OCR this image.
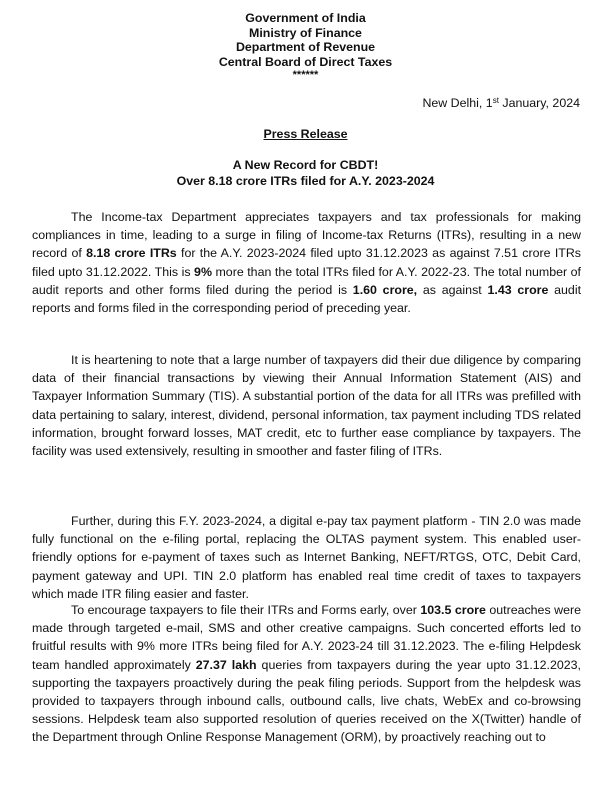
Government of India
Ministry of Finance
Department of Revenue
Central Board of Direct Taxes
******
New Delhi, 1st January, 2024
Press Release
A New Record for CBDT!
Over 8.18 crore ITRs filed for A.Y. 2023-2024

The Income-tax Department appreciates taxpayers and tax professionals for making compliances in time, leading to a surge in filing of Income-tax Returns (ITRs), resulting in a new record of 8.18 crore ITRs for the A.Y. 2023-2024 filed upto 31.12.2023 as against 7.51 crore ITRs filed upto 31.12.2022. This is 9% more than the total ITRs filed for A.Y. 2022-23. The total number of audit reports and other forms filed during the period is 1.60 crore, as against 1.43 crore audit reports and forms filed in the corresponding period of preceding year.

It is heartening to note that a large number of taxpayers did their due diligence by comparing data of their financial transactions by viewing their Annual Information Statement (AIS) and Taxpayer Information Summary (TIS). A substantial portion of the data for all ITRs was prefilled with data pertaining to salary, interest, dividend, personal information, tax payment including TDS related information, brought forward losses, MAT credit, etc to further ease compliance by taxpayers. The facility was used extensively, resulting in smoother and faster filing of ITRs.

Further, during this F.Y. 2023-2024, a digital e-pay tax payment platform - TIN 2.0 was made fully functional on the e-filing portal, replacing the OLTAS payment system. This enabled user-friendly options for e-payment of taxes such as Internet Banking, NEFT/RTGS, OTC, Debit Card, payment gateway and UPI. TIN 2.0 platform has enabled real time credit of taxes to taxpayers which made ITR filing easier and faster.

To encourage taxpayers to file their ITRs and Forms early, over 103.5 crore outreaches were made through targeted e-mail, SMS and other creative campaigns. Such concerted efforts led to fruitful results with 9% more ITRs being filed for A.Y. 2023-24 till 31.12.2023. The e-filing Helpdesk team handled approximately 27.37 lakh queries from taxpayers during the year upto 31.12.2023, supporting the taxpayers proactively during the peak filing periods. Support from the helpdesk was provided to taxpayers through inbound calls, outbound calls, live chats, WebEx and co-browsing sessions. Helpdesk team also supported resolution of queries received on the X(Twitter) handle of the Department through Online Response Management (ORM), by proactively reaching out to
